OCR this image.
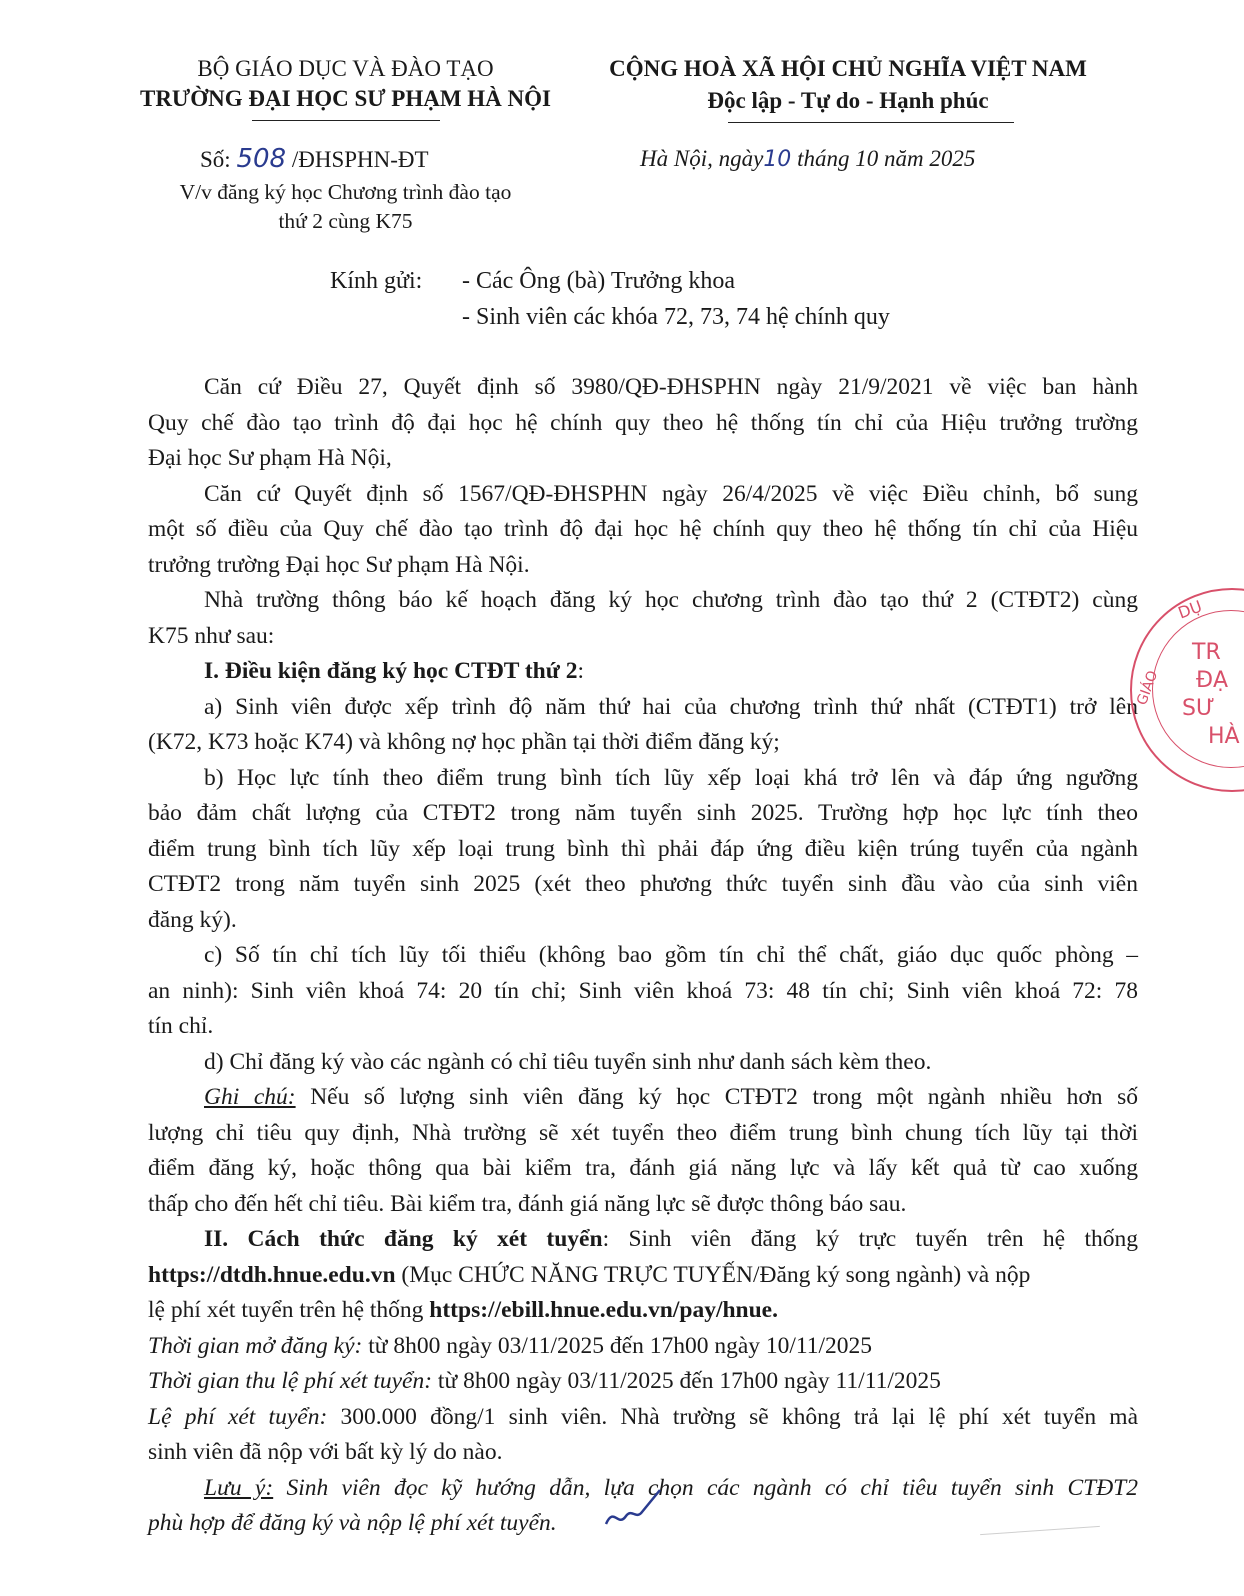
BỘ GIÁO DỤC VÀ ĐÀO TẠO
TRƯỜNG ĐẠI HỌC SƯ PHẠM HÀ NỘI
CỘNG HOÀ XÃ HỘI CHỦ NGHĨA VIỆT NAM
Độc lập - Tự do - Hạnh phúc
Số: 508 /ĐHSPHN-ĐT
V/v đăng ký học Chương trình đào tạo
thứ 2 cùng K75
Hà Nội, ngày10 tháng 10 năm 2025
Kính gửi: - Các Ông (bà) Trưởng khoa
- Sinh viên các khóa 72, 73, 74 hệ chính quy
Căn cứ Điều 27, Quyết định số 3980/QĐ-ĐHSPHN ngày 21/9/2021 về việc ban hành
Quy chế đào tạo trình độ đại học hệ chính quy theo hệ thống tín chỉ của Hiệu trưởng trường
Đại học Sư phạm Hà Nội,
Căn cứ Quyết định số 1567/QĐ-ĐHSPHN ngày 26/4/2025 về việc Điều chỉnh, bổ sung
một số điều của Quy chế đào tạo trình độ đại học hệ chính quy theo hệ thống tín chỉ của Hiệu
trưởng trường Đại học Sư phạm Hà Nội.
Nhà trường thông báo kế hoạch đăng ký học chương trình đào tạo thứ 2 (CTĐT2) cùng
K75 như sau:
I. Điều kiện đăng ký học CTĐT thứ 2:
a) Sinh viên được xếp trình độ năm thứ hai của chương trình thứ nhất (CTĐT1) trở lên
(K72, K73 hoặc K74) và không nợ học phần tại thời điểm đăng ký;
b) Học lực tính theo điểm trung bình tích lũy xếp loại khá trở lên và đáp ứng ngưỡng
bảo đảm chất lượng của CTĐT2 trong năm tuyển sinh 2025. Trường hợp học lực tính theo
điểm trung bình tích lũy xếp loại trung bình thì phải đáp ứng điều kiện trúng tuyển của ngành
CTĐT2 trong năm tuyển sinh 2025 (xét theo phương thức tuyển sinh đầu vào của sinh viên
đăng ký).
c) Số tín chỉ tích lũy tối thiểu (không bao gồm tín chỉ thể chất, giáo dục quốc phòng –
an ninh): Sinh viên khoá 74: 20 tín chỉ; Sinh viên khoá 73: 48 tín chỉ; Sinh viên khoá 72: 78
tín chỉ.
d) Chỉ đăng ký vào các ngành có chỉ tiêu tuyển sinh như danh sách kèm theo.
Ghi chú: Nếu số lượng sinh viên đăng ký học CTĐT2 trong một ngành nhiều hơn số
lượng chỉ tiêu quy định, Nhà trường sẽ xét tuyển theo điểm trung bình chung tích lũy tại thời
điểm đăng ký, hoặc thông qua bài kiểm tra, đánh giá năng lực và lấy kết quả từ cao xuống
thấp cho đến hết chỉ tiêu. Bài kiểm tra, đánh giá năng lực sẽ được thông báo sau.
II. Cách thức đăng ký xét tuyển: Sinh viên đăng ký trực tuyến trên hệ thống
https://dtdh.hnue.edu.vn (Mục CHỨC NĂNG TRỰC TUYẾN/Đăng ký song ngành) và nộp
lệ phí xét tuyển trên hệ thống https://ebill.hnue.edu.vn/pay/hnue.
Thời gian mở đăng ký: từ 8h00 ngày 03/11/2025 đến 17h00 ngày 10/11/2025
Thời gian thu lệ phí xét tuyển: từ 8h00 ngày 03/11/2025 đến 17h00 ngày 11/11/2025
Lệ phí xét tuyển: 300.000 đồng/1 sinh viên. Nhà trường sẽ không trả lại lệ phí xét tuyển mà
sinh viên đã nộp với bất kỳ lý do nào.
Lưu ý: Sinh viên đọc kỹ hướng dẫn, lựa chọn các ngành có chỉ tiêu tuyển sinh CTĐT2
phù hợp để đăng ký và nộp lệ phí xét tuyển.
TR
ĐẠ
SƯ
HÀ
DỤ
GIÁO
